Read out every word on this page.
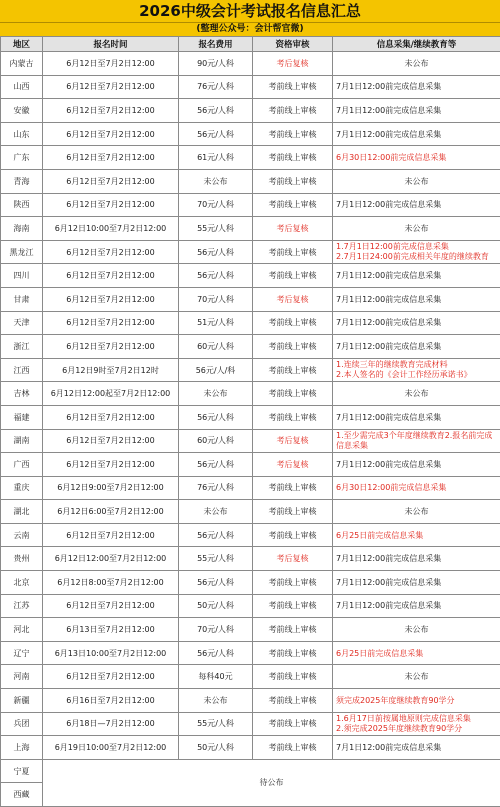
2026中级会计考试报名信息汇总
(整理公众号：会计帮官微)
地区	报名时间	报名费用	资格审核	信息采集/继续教育等
内蒙古	6月12日至7月2日12:00	90元/人科	考后复核	未公布

山西	6月12日至7月2日12:00	76元/人科	考前线上审核	7月1日12:00前完成信息采集

安徽	6月12日至7月2日12:00	56元/人科	考前线上审核	7月1日12:00前完成信息采集

山东	6月12日至7月2日12:00	56元/人科	考前线上审核	7月1日12:00前完成信息采集

广东	6月12日至7月2日12:00	61元/人科	考前线上审核	6月30日12:00前完成信息采集

青海	6月12日至7月2日12:00	未公布	考前线上审核	未公布

陕西	6月12日至7月2日12:00	70元/人科	考前线上审核	7月1日12:00前完成信息采集

海南	6月12日10:00至7月2日12:00	55元/人科	考后复核	未公布

黑龙江	6月12日至7月2日12:00	56元/人科	考前线上审核	1.7月1日12:00前完成信息采集
2.7月1日24:00前完成相关年度的继续教育

四川	6月12日至7月2日12:00	56元/人科	考前线上审核	7月1日12:00前完成信息采集

甘肃	6月12日至7月2日12:00	70元/人科	考后复核	7月1日12:00前完成信息采集

天津	6月12日至7月2日12:00	51元/人科	考前线上审核	7月1日12:00前完成信息采集

浙江	6月12日至7月2日12:00	60元/人科	考前线上审核	7月1日12:00前完成信息采集

江西	6月12日9时至7月2日12时	56元/人/科	考前线上审核	1.连续三年的继续教育完成材料
2.本人签名的《会计工作经历承诺书》

吉林	6月12日12:00起至7月2日12:00	未公布	考前线上审核	未公布

福建	6月12日至7月2日12:00	56元/人科	考前线上审核	7月1日12:00前完成信息采集

湖南	6月12日至7月2日12:00	60元/人科	考后复核	1.至少需完成3个年度继续教育2.报名前完成
信息采集

广西	6月12日至7月2日12:00	56元/人科	考后复核	7月1日12:00前完成信息采集

重庆	6月12日9:00至7月2日12:00	76元/人科	考前线上审核	6月30日12:00前完成信息采集

湖北	6月12日6:00至7月2日12:00	未公布	考前线上审核	未公布

云南	6月12日至7月2日12:00	56元/人科	考前线上审核	6月25日前完成信息采集

贵州	6月12日12:00至7月2日12:00	55元/人科	考后复核	7月1日12:00前完成信息采集

北京	6月12日8:00至7月2日12:00	56元/人科	考前线上审核	7月1日12:00前完成信息采集

江苏	6月12日至7月2日12:00	50元/人科	考前线上审核	7月1日12:00前完成信息采集

河北	6月13日至7月2日12:00	70元/人科	考前线上审核	未公布

辽宁	6月13日10:00至7月2日12:00	56元/人科	考前线上审核	6月25日前完成信息采集

河南	6月12日至7月2日12:00	每科40元	考前线上审核	未公布

新疆	6月16日至7月2日12:00	未公布	考前线上审核	须完成2025年度继续教育90学分

兵团	6月18日—7月2日12:00	55元/人科	考前线上审核	1.6月17日前按属地原则完成信息采集
2.须完成2025年度继续教育90学分

上海	6月19日10:00至7月2日12:00	50元/人科	考前线上审核	7月1日12:00前完成信息采集

宁夏	待公布			
西藏				
